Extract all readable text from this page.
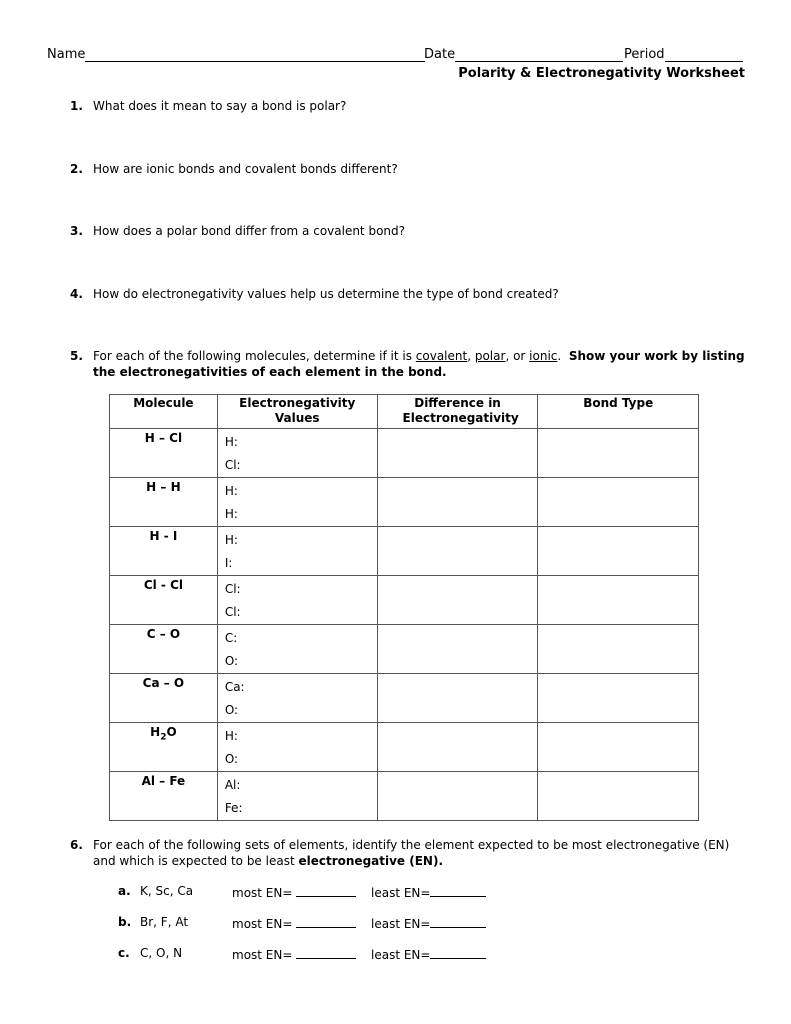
Name	Date	Period
Polarity & Electronegativity Worksheet
1. What does it mean to say a bond is polar?
2. How are ionic bonds and covalent bonds different?
3. How does a polar bond differ from a covalent bond?
4. How do electronegativity values help us determine the type of bond created?
5. For each of the following molecules, determine if it is covalent, polar, or ionic.  Show your work by listing the electronegativities of each element in the bond.
Molecule	Electronegativity Values	Difference in Electronegativity	Bond Type
H – Cl	H:
Cl:		

H – H	H:
H:		

H - I	H:
I:		

Cl - Cl	Cl:
Cl:		

C – O	C:
O:		

Ca – O	Ca:
O:		

$H_2O$	H:
O:		

Al – Fe	Al:
Fe:		

6. For each of the following sets of elements, identify the element expected to be most electronegative (EN) and which is expected to be least electronegative (EN).
a. K, Sc, Ca	most EN=	least EN=
b. Br, F, At	most EN=	least EN=
c. C, O, N	most EN=	least EN=
